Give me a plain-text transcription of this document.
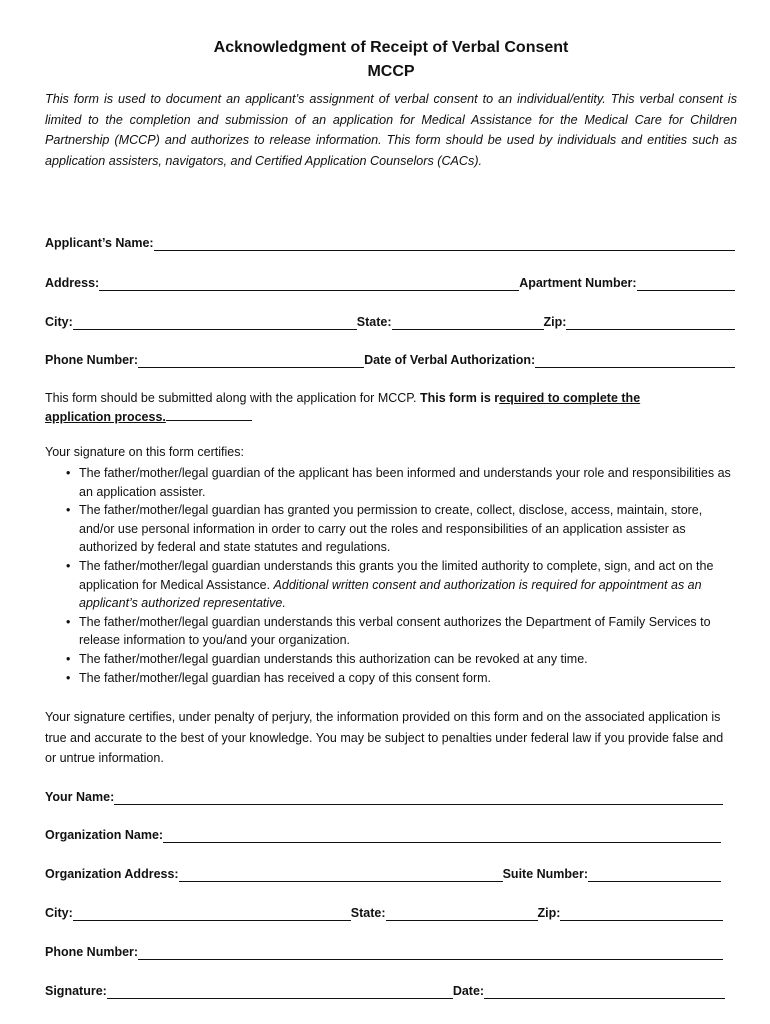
Acknowledgment of Receipt of Verbal Consent
MCCP
This form is used to document an applicant’s assignment of verbal consent to an individual/entity. This verbal consent is limited to the completion and submission of an application for Medical Assistance for the Medical Care for Children Partnership (MCCP) and authorizes to release information. This form should be used by individuals and entities such as application assisters, navigators, and Certified Application Counselors (CACs).
Applicant’s Name:
Address:	Apartment Number:
City:	State:	Zip:
Phone Number:	Date of Verbal Authorization:
This form should be submitted along with the application for MCCP. This form is required to complete the application process.
Your signature on this form certifies:
• The father/mother/legal guardian of the applicant has been informed and understands your role and responsibilities as an application assister.
• The father/mother/legal guardian has granted you permission to create, collect, disclose, access, maintain, store, and/or use personal information in order to carry out the roles and responsibilities of an application assister as authorized by federal and state statutes and regulations.
• The father/mother/legal guardian understands this grants you the limited authority to complete, sign, and act on the application for Medical Assistance. Additional written consent and authorization is required for appointment as an applicant’s authorized representative.
• The father/mother/legal guardian understands this verbal consent authorizes the Department of Family Services to release information to you/and your organization.
• The father/mother/legal guardian understands this authorization can be revoked at any time.
• The father/mother/legal guardian has received a copy of this consent form.
Your signature certifies, under penalty of perjury, the information provided on this form and on the associated application is true and accurate to the best of your knowledge. You may be subject to penalties under federal law if you provide false and or untrue information.
Your Name:
Organization Name:
Organization Address:	Suite Number:
City:	State:	Zip:
Phone Number:
Signature:	Date:
